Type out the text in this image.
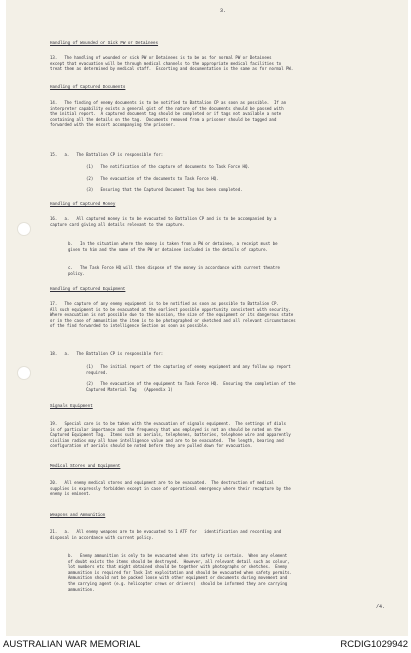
3.
Handling of Wounded or Sick PW or Detainees
13.   The handling of wounded or sick PW or Detainees is to be as for normal PW or Detainees
except that evacuation will be through medical channels to the appropriate medical facilities to
treat them as determined by medical staff.  Escorting and documentation is the same as for normal PW.
Handling of Captured Documents
14.   The finding of enemy documents is to be notified to Battalion CP as soon as possible.  If an
interpreter capability exists a general gist of the nature of the documents should be passed with
the initial report.  A captured document tag should be completed or if tags not available a note
containing all the details on the tag.  Documents removed from a prisoner should be tagged and
forwarded with the escort accompanying the prisoner.
15.   a.   The Battalion CP is responsible for:
(1)   The notification of the capture of documents to Task Force HQ.
(2)   The evacuation of the documents to Task Force HQ.
(3)   Ensuring that the Captured Document Tag has been completed.
Handling of Captured Money
16.   a.   All captured money is to be evacuated to Battalion CP and is to be accompanied by a
capture card giving all details relevant to the capture.
b.   In the situation where the money is taken from a PW or detainee, a receipt must be
given to him and the name of the PW or detainee included in the details of capture.
c.   The Task Force HQ will then dispose of the money in accordance with current theatre
policy.
Handling of Captured Equipment
17.   The capture of any enemy equipment is to be notified as soon as possible to Battalion CP.
All such equipment is to be evacuated at the earliest possible opportunity consistent with security.
Where evacuation is not possible due to the mission, the size of the equipment or its dangerous state
or in the case of ammunition the item is to be photographed or sketched and all relevant circumstances
of the find forwarded to intelligence Section as soon as possible.
18.   a.   The Battalion CP is responsible for:
(1)   The initial report of the capturing of enemy equipment and any follow up report
required.
(2)   The evacuation of the equipment to Task Force HQ.  Ensuring the completion of the
Captured Material Tag   (Appendix 1)
Signals Equipment
19.   Special care is to be taken with the evacuation of signals equipment.  The settings of dials
is of particular importance and the frequency that was employed is not an should be noted on the
Captured Equipment Tag.  Items such as aerials, telephones, batteries, telephone wire and apparently
civilian radios may all have intelligence value and are to be evacuated.  The length, bearing and
configuration of aerials should be noted before they are pulled down for evacuation.
Medical Stores and Equipment
20.   All enemy medical stores and equipment are to be evacuated.  The destruction of medical
supplies is expressly forbidden except in case of operational emergency where their recapture by the
enemy is eminent.
Weapons and Ammunition
21.   a.   All enemy weapons are to be evacuated to 1 ATF for   identification and recording and
disposal in accordance with current policy.
b.   Enemy ammunition is only to be evacuated when its safety is certain.  When any element
of doubt exists the items should be destroyed.  However, all relevant detail such as colour,
lot numbers etc that might obtained should be together with photographs or sketches.  Enemy
ammunition is required for Task Int exploitation and should be evacuated when safety permits.
Ammunition should not be packed loose with other equipment or documents during movement and
the carrying agent (e.g. helicopter crews or drivers)  should be informed they are carrying
ammunition.
/4.
AUSTRALIAN WAR MEMORIAL	RCDIG1029942
